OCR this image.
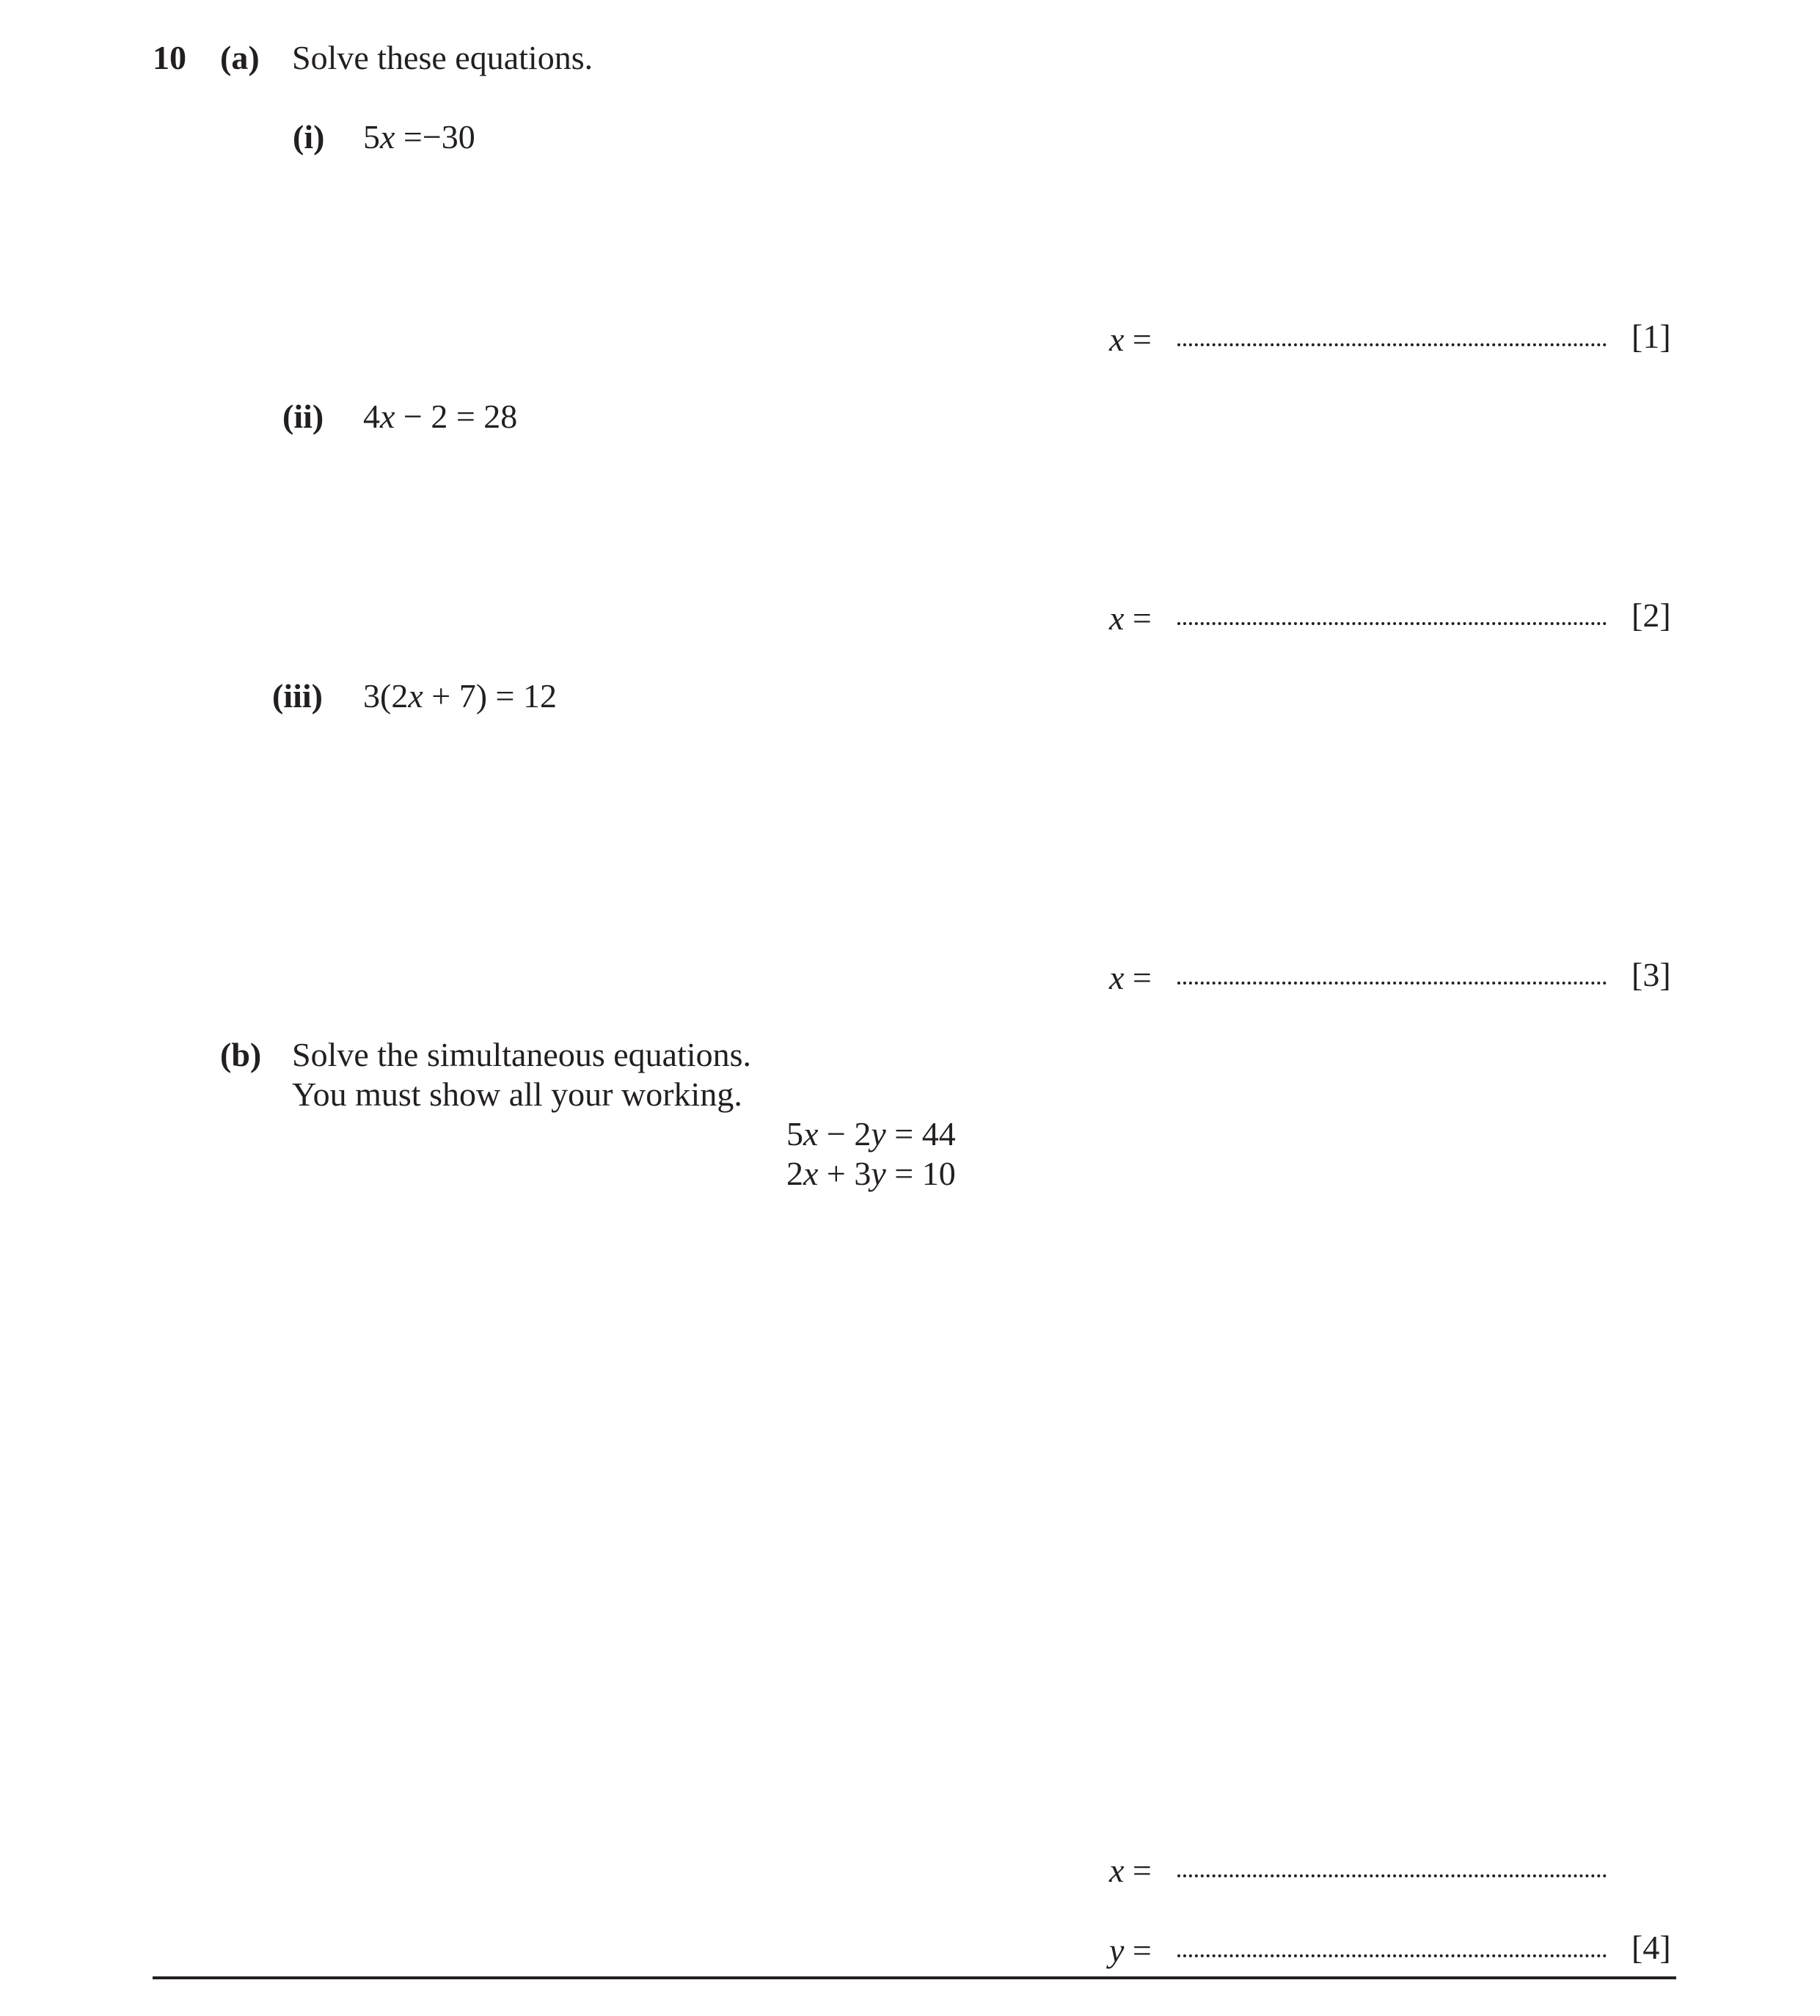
10 (a) Solve these equations.
(i) 5x =−30
x =	[1]
(ii) 4x − 2 = 28
x =	[2]
(iii) 3(2x + 7) = 12
x =	[3]
(b) Solve the simultaneous equations.
You must show all your working.
5x − 2y = 44
2x + 3y = 10
x =
y =	[4]
